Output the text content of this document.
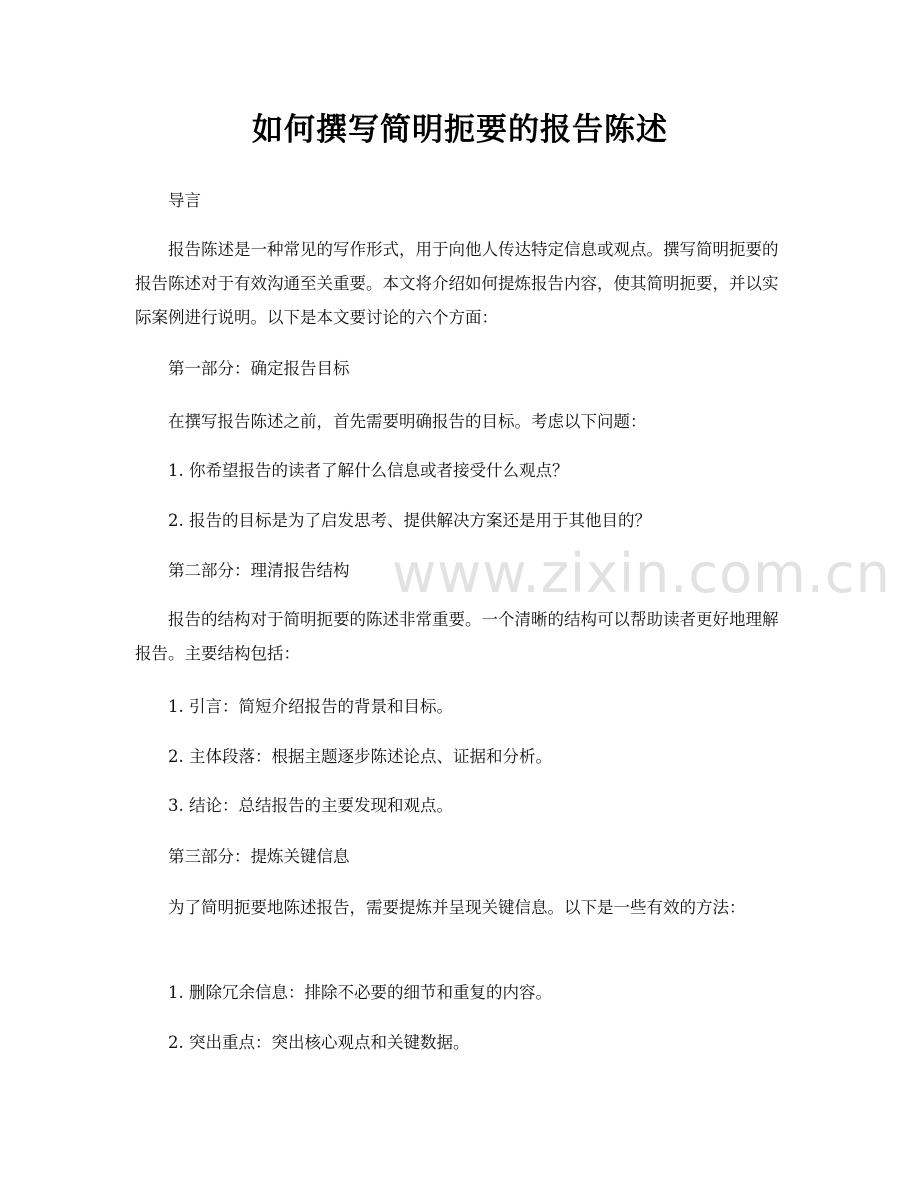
如何撰写简明扼要的报告陈述
www.zixin.com.cn

导言

报告陈述是一种常见的写作形式，用于向他人传达特定信息或观点。撰写简明扼要的报告陈述对于有效沟通至关重要。本文将介绍如何提炼报告内容，使其简明扼要，并以实际案例进行说明。以下是本文要讨论的六个方面：

第一部分：确定报告目标

在撰写报告陈述之前，首先需要明确报告的目标。考虑以下问题：

1. 你希望报告的读者了解什么信息或者接受什么观点？

2. 报告的目标是为了启发思考、提供解决方案还是用于其他目的？

第二部分：理清报告结构

报告的结构对于简明扼要的陈述非常重要。一个清晰的结构可以帮助读者更好地理解报告。主要结构包括：

1. 引言：简短介绍报告的背景和目标。

2. 主体段落：根据主题逐步陈述论点、证据和分析。

3. 结论：总结报告的主要发现和观点。

第三部分：提炼关键信息

为了简明扼要地陈述报告，需要提炼并呈现关键信息。以下是一些有效的方法：

1. 删除冗余信息：排除不必要的细节和重复的内容。

2. 突出重点：突出核心观点和关键数据。
